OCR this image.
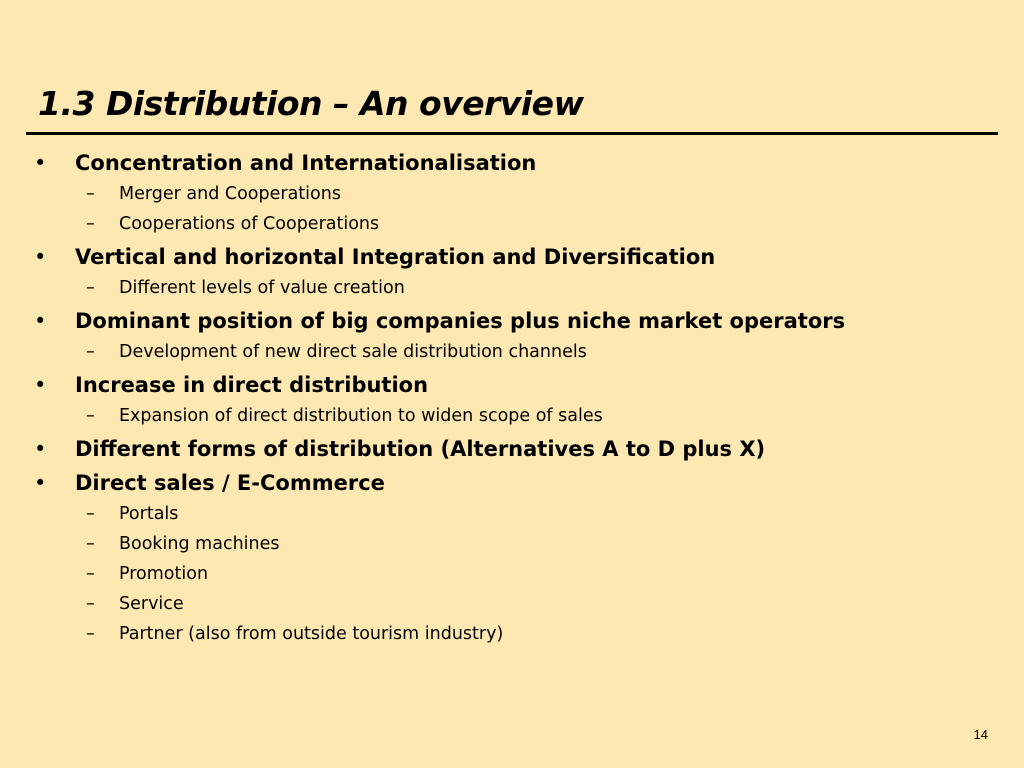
1.3 Distribution – An overview
• Concentration and Internationalisation
– Merger and Cooperations
– Cooperations of Cooperations
• Vertical and horizontal Integration and Diversification
– Different levels of value creation
• Dominant position of big companies plus niche market operators
– Development of new direct sale distribution channels
• Increase in direct distribution
– Expansion of direct distribution to widen scope of sales
• Different forms of distribution (Alternatives A to D plus X)
• Direct sales / E-Commerce
– Portals
– Booking machines
– Promotion
– Service
– Partner (also from outside tourism industry)
14
